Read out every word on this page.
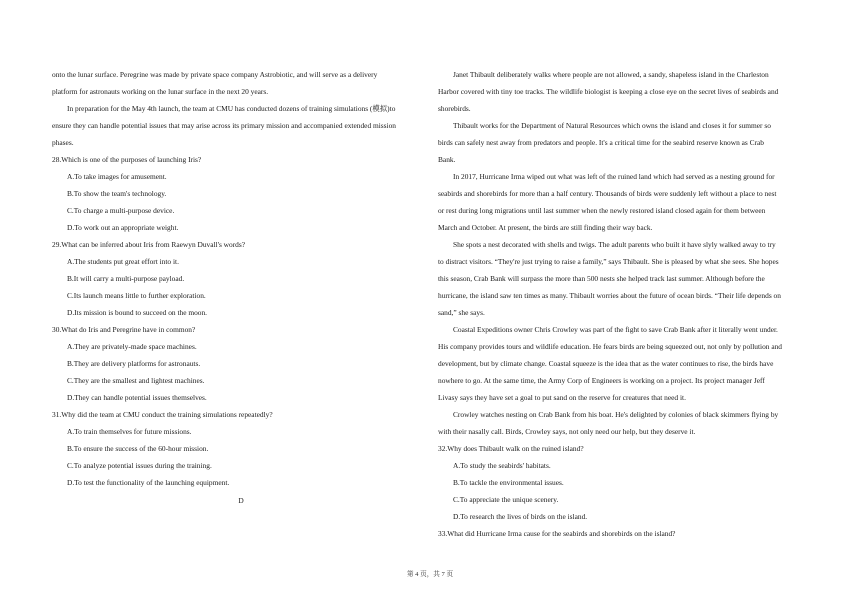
onto the lunar surface. Peregrine was made by private space company Astrobiotic, and will serve as a delivery
platform for astronauts working on the lunar surface in the next 20 years.
In preparation for the May 4th launch, the team at CMU has conducted dozens of training simulations (模拟)to
ensure they can handle potential issues that may arise across its primary mission and accompanied extended mission
phases.
28.Which is one of the purposes of launching Iris?
A.To take images for amusement.
B.To show the team's technology.
C.To charge a multi-purpose device.
D.To work out an appropriate weight.
29.What can be inferred about Iris from Raewyn Duvall's words?
A.The students put great effort into it.
B.It will carry a multi-purpose payload.
C.Its launch means little to further exploration.
D.Its mission is bound to succeed on the moon.
30.What do Iris and Peregrine have in common?
A.They are privately-made space machines.
B.They are delivery platforms for astronauts.
C.They are the smallest and lightest machines.
D.They can handle potential issues themselves.
31.Why did the team at CMU conduct the training simulations repeatedly?
A.To train themselves for future missions.
B.To ensure the success of the 60-hour mission.
C.To analyze potential issues during the training.
D.To test the functionality of the launching equipment.
D
Janet Thibault deliberately walks where people are not allowed, a sandy, shapeless island in the Charleston
Harbor covered with tiny toe tracks. The wildlife biologist is keeping a close eye on the secret lives of seabirds and
shorebirds.
Thibault works for the Department of Natural Resources which owns the island and closes it for summer so
birds can safely nest away from predators and people. It's a critical time for the seabird reserve known as Crab
Bank.
In 2017, Hurricane Irma wiped out what was left of the ruined land which had served as a nesting ground for
seabirds and shorebirds for more than a half century. Thousands of birds were suddenly left without a place to nest
or rest during long migrations until last summer when the newly restored island closed again for them between
March and October. At present, the birds are still finding their way back.
She spots a nest decorated with shells and twigs. The adult parents who built it have slyly walked away to try
to distract visitors. “They're just trying to raise a family,” says Thibault. She is pleased by what she sees. She hopes
this season, Crab Bank will surpass the more than 500 nests she helped track last summer. Although before the
hurricane, the island saw ten times as many. Thibault worries about the future of ocean birds. “Their life depends on
sand,” she says.
Coastal Expeditions owner Chris Crowley was part of the fight to save Crab Bank after it literally went under.
His company provides tours and wildlife education. He fears birds are being squeezed out, not only by pollution and
development, but by climate change. Coastal squeeze is the idea that as the water continues to rise, the birds have
nowhere to go. At the same time, the Army Corp of Engineers is working on a project. Its project manager Jeff
Livasy says they have set a goal to put sand on the reserve for creatures that need it.
Crowley watches nesting on Crab Bank from his boat. He's delighted by colonies of black skimmers flying by
with their nasally call. Birds, Crowley says, not only need our help, but they deserve it.
32.Why does Thibault walk on the ruined island?
A.To study the seabirds' habitats.
B.To tackle the environmental issues.
C.To appreciate the unique scenery.
D.To research the lives of birds on the island.
33.What did Hurricane Irma cause for the seabirds and shorebirds on the island?
第 4 页，共 7 页
